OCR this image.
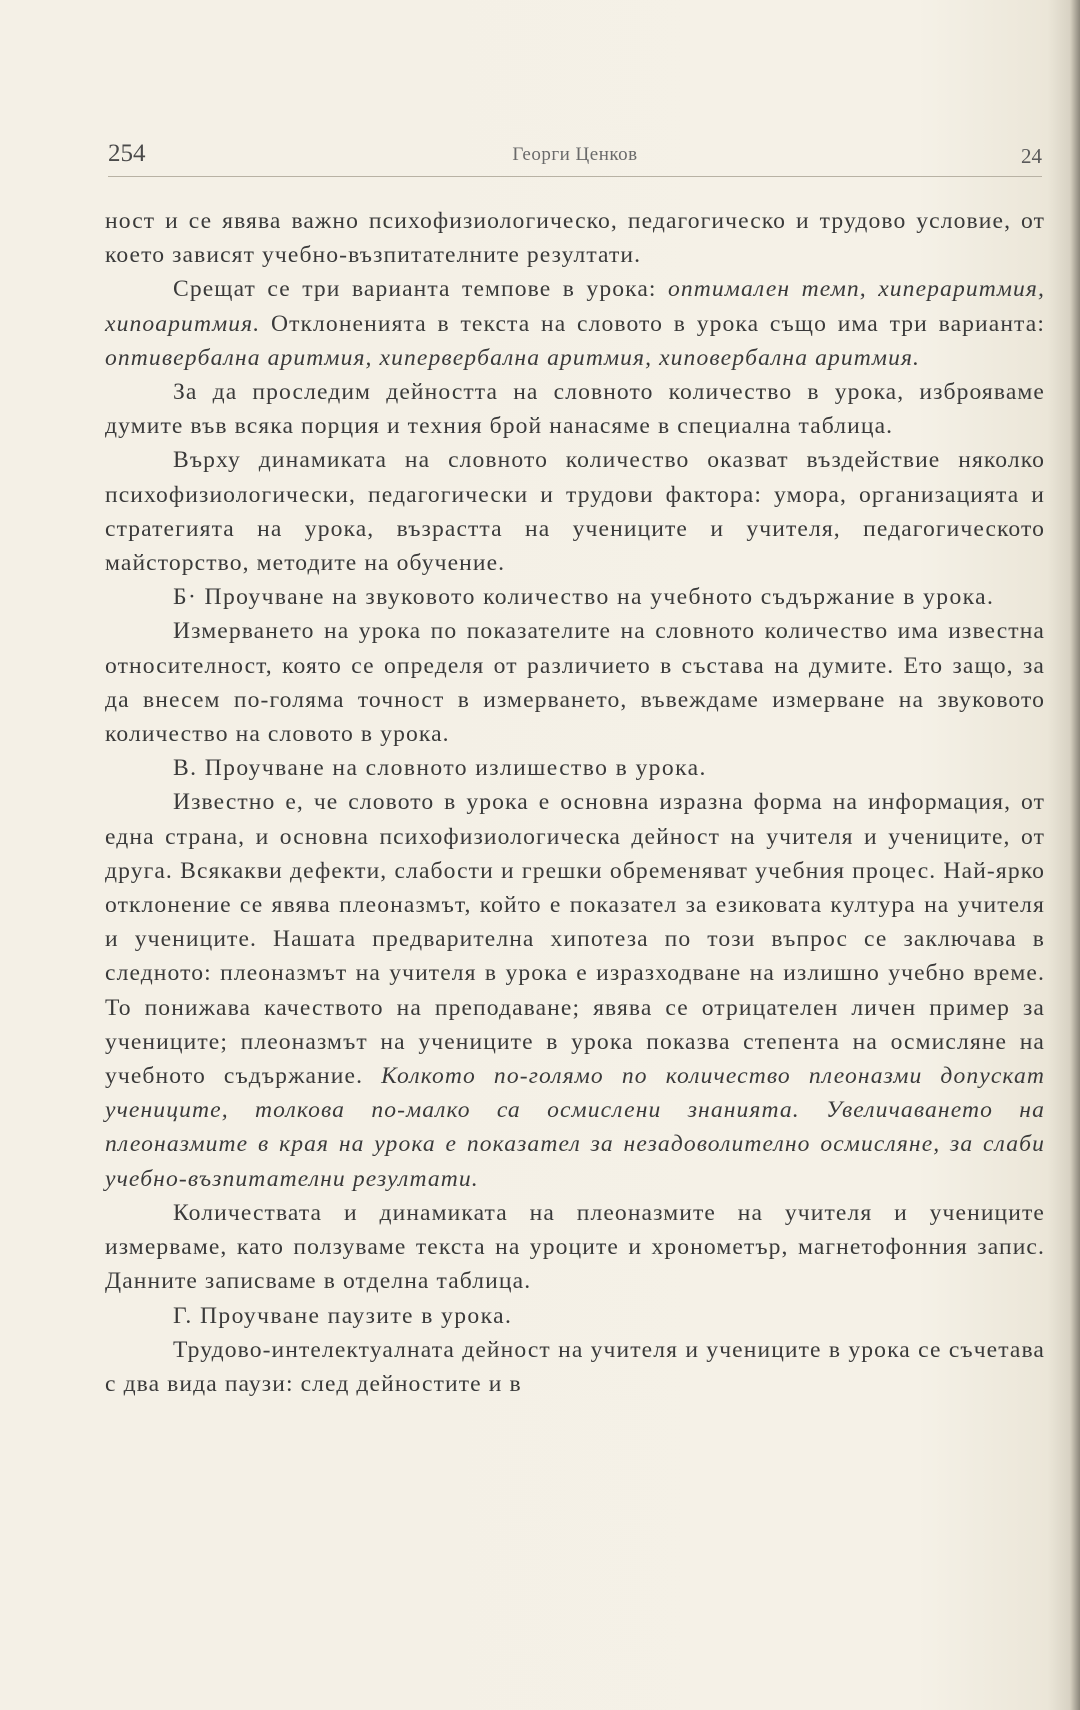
254	Георги Ценков	24

ност и се явява важно психофизиологическо, педагогическо и трудово условие, от което зависят учебно-възпитателните резултати.

Срещат се три варианта темпове в урока: оптимален темп, хиперaритмия, хипоаритмия. Отклоненията в текста на словото в урока също има три варианта: оптивербална аритмия, хипервербална аритмия, хиповербална аритмия.

За да проследим дейността на словното количество в урока, изброяваме думите във всяка порция и техния брой нанасяме в специална таблица.

Върху динамиката на словното количество оказват въздействие няколко психофизиологически, педагогически и трудови фактора: умора, организацията и стратегията на урока, възрастта на учениците и учителя, педагогическото майсторство, методите на обучение.

Б· Проучване на звуковото количество на учебното съдържание в урока.

Измерването на урока по показателите на словното количество има известна относителност, която се определя от различието в състава на думите. Ето защо, за да внесем по-голяма точност в измерването, въвеждаме измерване на звуковото количество на словото в урока.

В. Проучване на словното излишество в урока.

Известно е, че словото в урока е основна изразна форма на информация, от една страна, и основна психофизиологическа дейност на учителя и учениците, от друга. Всякакви дефекти, слабости и грешки обременяват учебния процес. Най-ярко отклонение се явява плеоназмът, който е показател за езиковата култура на учителя и учениците. Нашата предварителна хипотеза по този въпрос се заключава в следното: плеоназмът на учителя в урока е изразходване на излишно учебно време. То понижава качеството на преподаване; явява се отрицателен личен пример за учениците; плеоназмът на учениците в урока показва степента на осмисляне на учебното съдържание. Колкото по-голямо по количество плеоназми допускат учениците, толкова по-малко са осмислени знанията. Увеличаването на плеоназмите в края на урока е показател за незадоволително осмисляне, за слаби учебно-възпитателни резултати.

Количествата и динамиката на плеоназмите на учителя и учениците измерваме, като ползуваме текста на уроците и хронометър, магнетофонния запис. Данните записваме в отделна таблица.

Г. Проучване паузите в урока.

Трудово-интелектуалната дейност на учителя и учениците в урока се съчетава с два вида паузи: след дейностите и в
